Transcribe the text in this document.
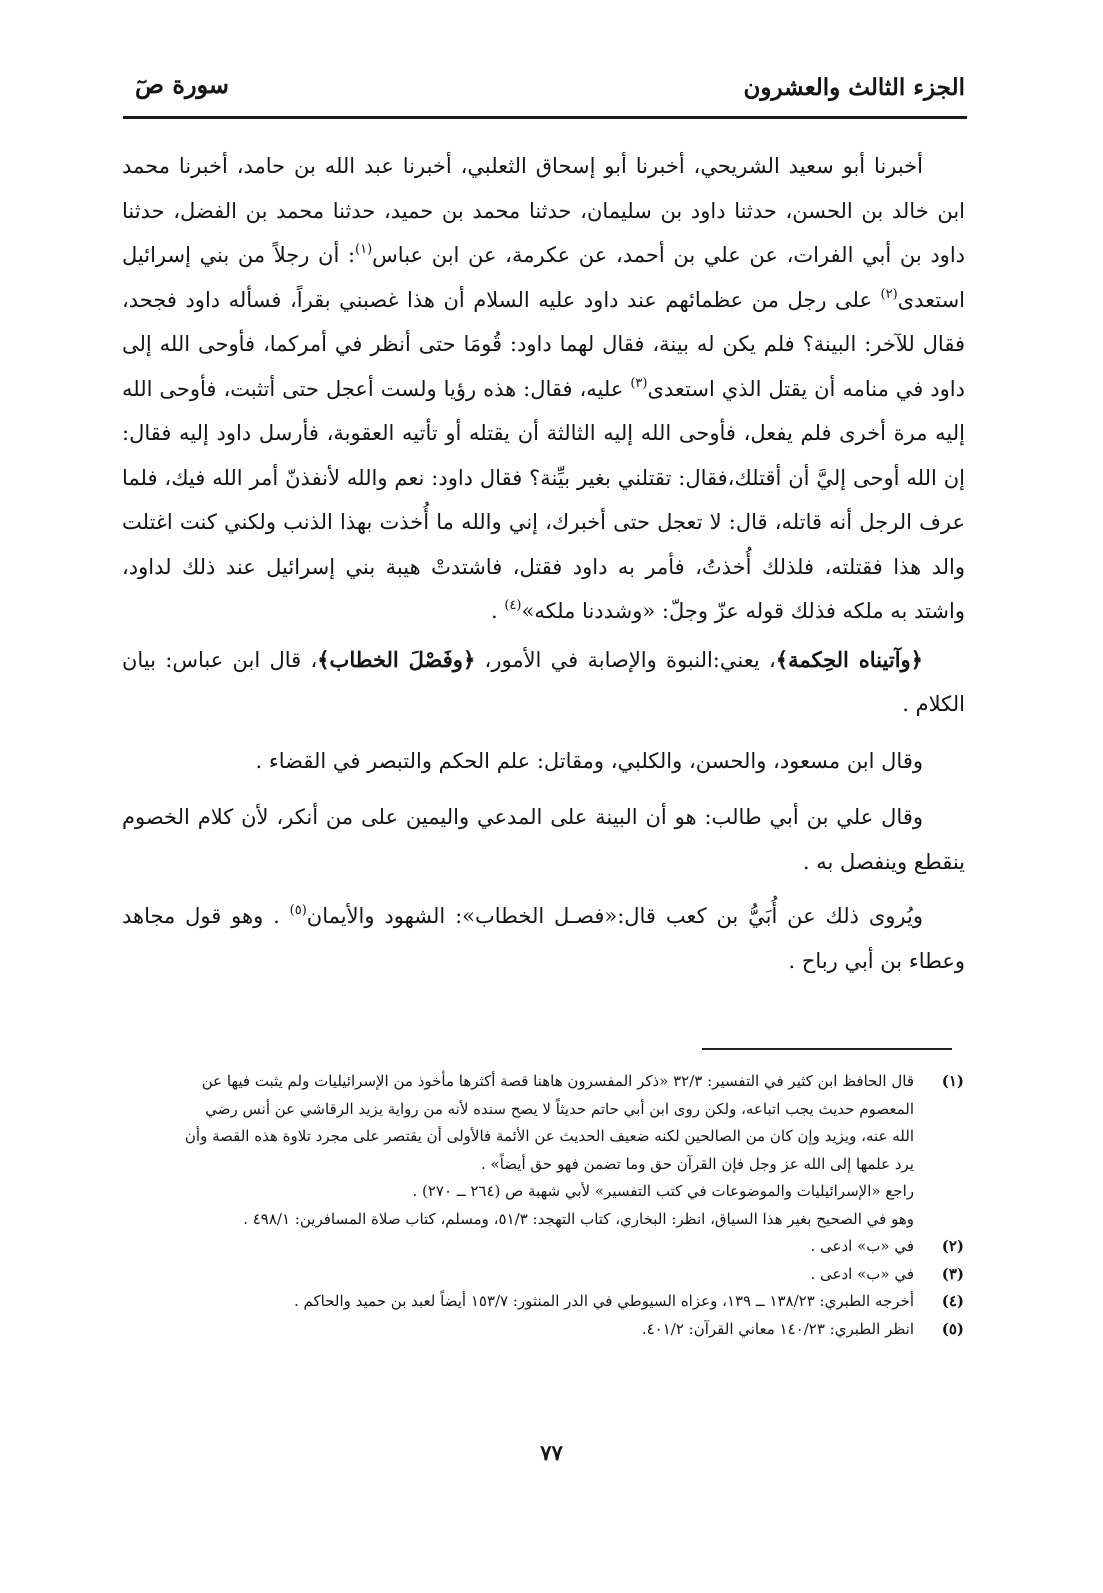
الجزء الثالث والعشرون
سورة صٓ

أخبرنا أبو سعيد الشريحي، أخبرنا أبو إسحاق الثعلبي، أخبرنا عبد الله بن حامد، أخبرنا محمد ابن خالد بن الحسن، حدثنا داود بن سليمان، حدثنا محمد بن حميد، حدثنا محمد بن الفضل، حدثنا داود بن أبي الفرات، عن علي بن أحمد، عن عكرمة، عن ابن عباس$^{(١)}$: أن رجلاً من بني إسرائيل استعدى$^{(٢)}$ على رجل من عظمائهم عند داود عليه السلام أن هذا غصبني بقراً، فسأله داود فجحد، فقال للآخر: البينة؟ فلم يكن له بينة، فقال لهما داود: قُومَا حتى أنظر في أمركما، فأوحى الله إلى داود في منامه أن يقتل الذي استعدى$^{(٣)}$ عليه، فقال: هذه رؤيا ولست أعجل حتى أتثبت، فأوحى الله إليه مرة أخرى فلم يفعل، فأوحى الله إليه الثالثة أن يقتله أو تأتيه العقوبة، فأرسل داود إليه فقال: إن الله أوحى إليَّ أن أقتلك،فقال: تقتلني بغير بيِّنة؟ فقال داود: نعم والله لأنفذنّ أمر الله فيك، فلما عرف الرجل أنه قاتله، قال: لا تعجل حتى أخبرك، إني والله ما أُخذت بهذا الذنب ولكني كنت اغتلت والد هذا فقتلته، فلذلك أُخذتُ، فأمر به داود فقتل، فاشتدتْ هيبة بني إسرائيل عند ذلك لداود، واشتد به ملكه فذلك قوله عزّ وجلّ: «وشددنا ملكه»$^{(٤)}$ .

﴿وآتيناه الحِكمة﴾، يعني:النبوة والإصابة في الأمور، ﴿وفَصْلَ الخطاب﴾، قال ابن عباس: بيان الكلام .

وقال ابن مسعود، والحسن، والكلبي، ومقاتل: علم الحكم والتبصر في القضاء .

وقال علي بن أبي طالب: هو أن البينة على المدعي واليمين على من أنكر، لأن كلام الخصوم ينقطع وينفصل به .

ويُروى ذلك عن أُبَيُّ بن كعب قال:«فصـل الخطاب»: الشهود والأيمان$^{(٥)}$ . وهو قول مجاهد وعطاء بن أبي رباح .

(١)
قال الحافظ ابن كثير في التفسير: ٣٢/٣ «ذكر المفسرون هاهنا قصة أكثرها مأخوذ من الإسرائيليات ولم يثبت فيها عن
المعصوم حديث يجب اتباعه، ولكن روى ابن أبي حاتم حديثاً لا يصح سنده لأنه من رواية يزيد الرقاشي عن أنس رضي
الله عنه، ويزيد وإن كان من الصالحين لكنه ضعيف الحديث عن الأئمة فالأولى أن يقتصر على مجرد تلاوة هذه القصة وأن
يرد علمها إلى الله عز وجل فإن القرآن حق وما تضمن فهو حق أيضاً» .
راجع «الإسرائيليات والموضوعات في كتب التفسير» لأبي شهبة ص (٢٦٤ ــ ٢٧٠) .
وهو في الصحيح بغير هذا السياق، انظر: البخاري، كتاب التهجد: ٥١/٣، ومسلم، كتاب صلاة المسافرين: ٤٩٨/١ .
(٢)
في «ب» ادعى .
(٣)
في «ب» ادعى .
(٤)
أخرجه الطبري: ١٣٨/٢٣ ــ ١٣٩، وعزاه السيوطي في الدر المنثور: ١٥٣/٧ أيضاً لعبد بن حميد والحاكم .
(٥)
انظر الطبري: ١٤٠/٢٣ معاني القرآن: ٤٠١/٢.
٧٧
